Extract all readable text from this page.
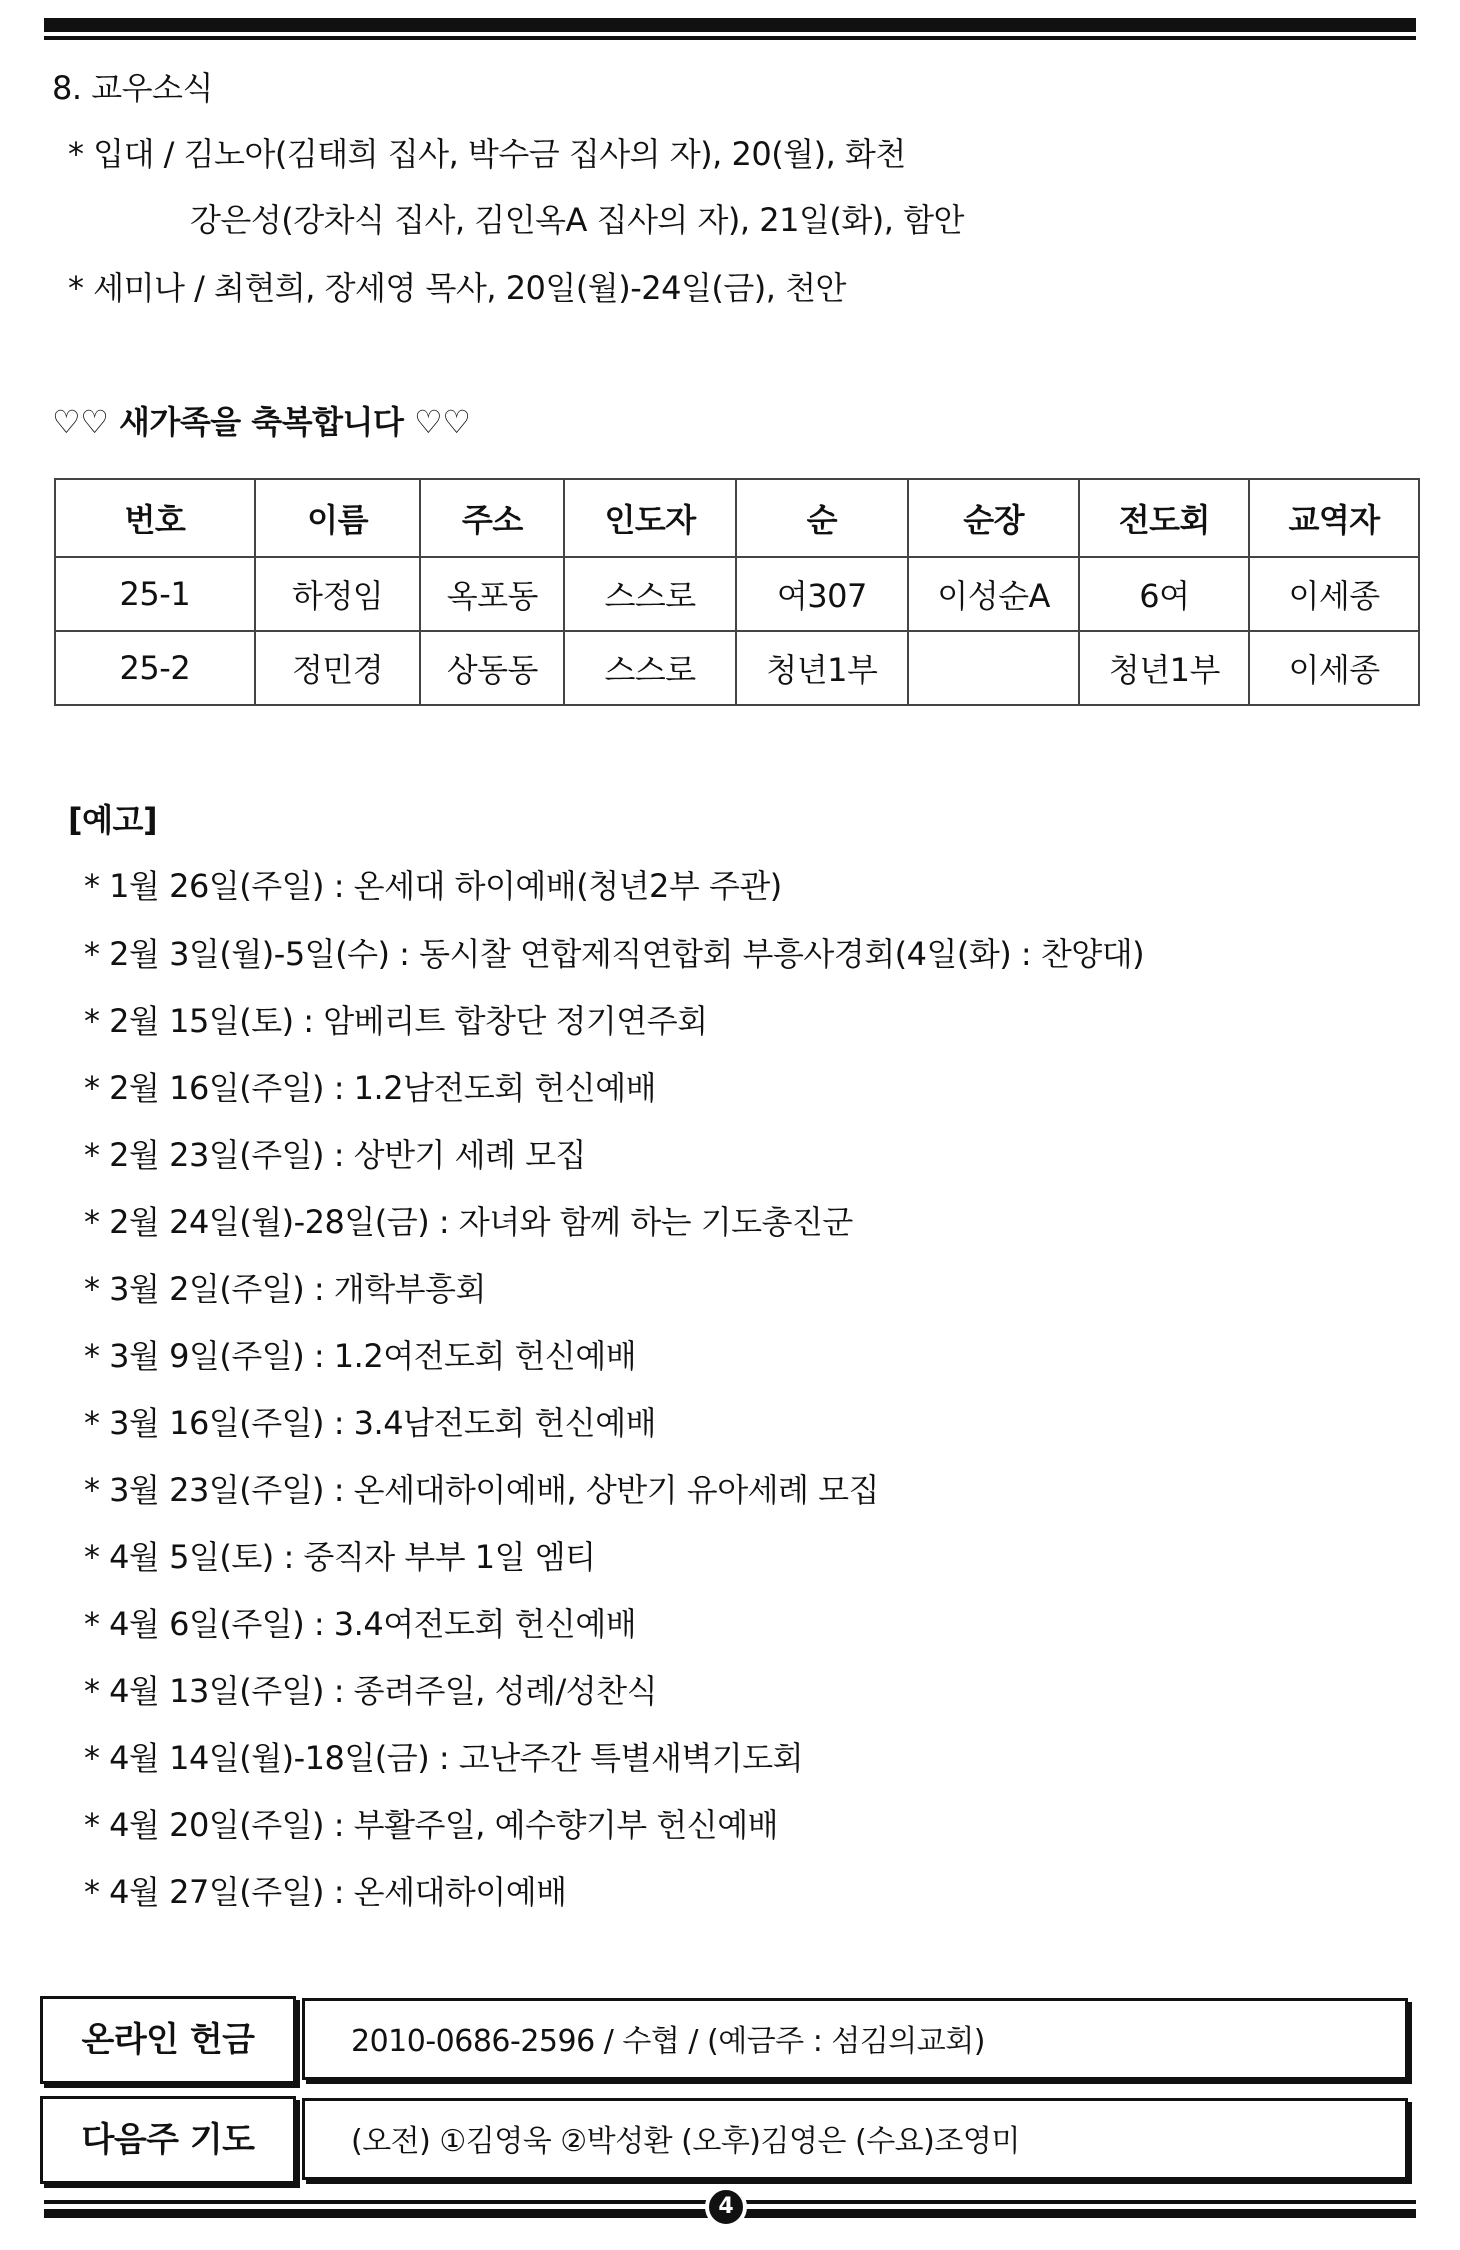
8. 교우소식
* 입대 / 김노아(김태희 집사, 박수금 집사의 자), 20(월), 화천
강은성(강차식 집사, 김인옥A 집사의 자), 21일(화), 함안
* 세미나 / 최현희, 장세영 목사, 20일(월)-24일(금), 천안
♡♡ 새가족을 축복합니다 ♡♡
번호	이름	주소	인도자	순	순장	전도회	교역자
25-1	하정임	옥포동	스스로	여307	이성순A	6여	이세종
25-2	정민경	상동동	스스로	청년1부		청년1부	이세종
[예고]
* 1월 26일(주일) : 온세대 하이예배(청년2부 주관)
* 2월 3일(월)-5일(수) : 동시찰 연합제직연합회 부흥사경회(4일(화) : 찬양대)
* 2월 15일(토) : 암베리트 합창단 정기연주회
* 2월 16일(주일) : 1.2남전도회 헌신예배
* 2월 23일(주일) : 상반기 세례 모집
* 2월 24일(월)-28일(금) : 자녀와 함께 하는 기도총진군
* 3월 2일(주일) : 개학부흥회
* 3월 9일(주일) : 1.2여전도회 헌신예배
* 3월 16일(주일) : 3.4남전도회 헌신예배
* 3월 23일(주일) : 온세대하이예배, 상반기 유아세례 모집
* 4월 5일(토) : 중직자 부부 1일 엠티
* 4월 6일(주일) : 3.4여전도회 헌신예배
* 4월 13일(주일) : 종려주일, 성례/성찬식
* 4월 14일(월)-18일(금) : 고난주간 특별새벽기도회
* 4월 20일(주일) : 부활주일, 예수향기부 헌신예배
* 4월 27일(주일) : 온세대하이예배
온라인 헌금	2010-0686-2596 / 수협 / (예금주 : 섬김의교회)
다음주 기도	(오전) ①김영욱 ②박성환 (오후)김영은 (수요)조영미
4
